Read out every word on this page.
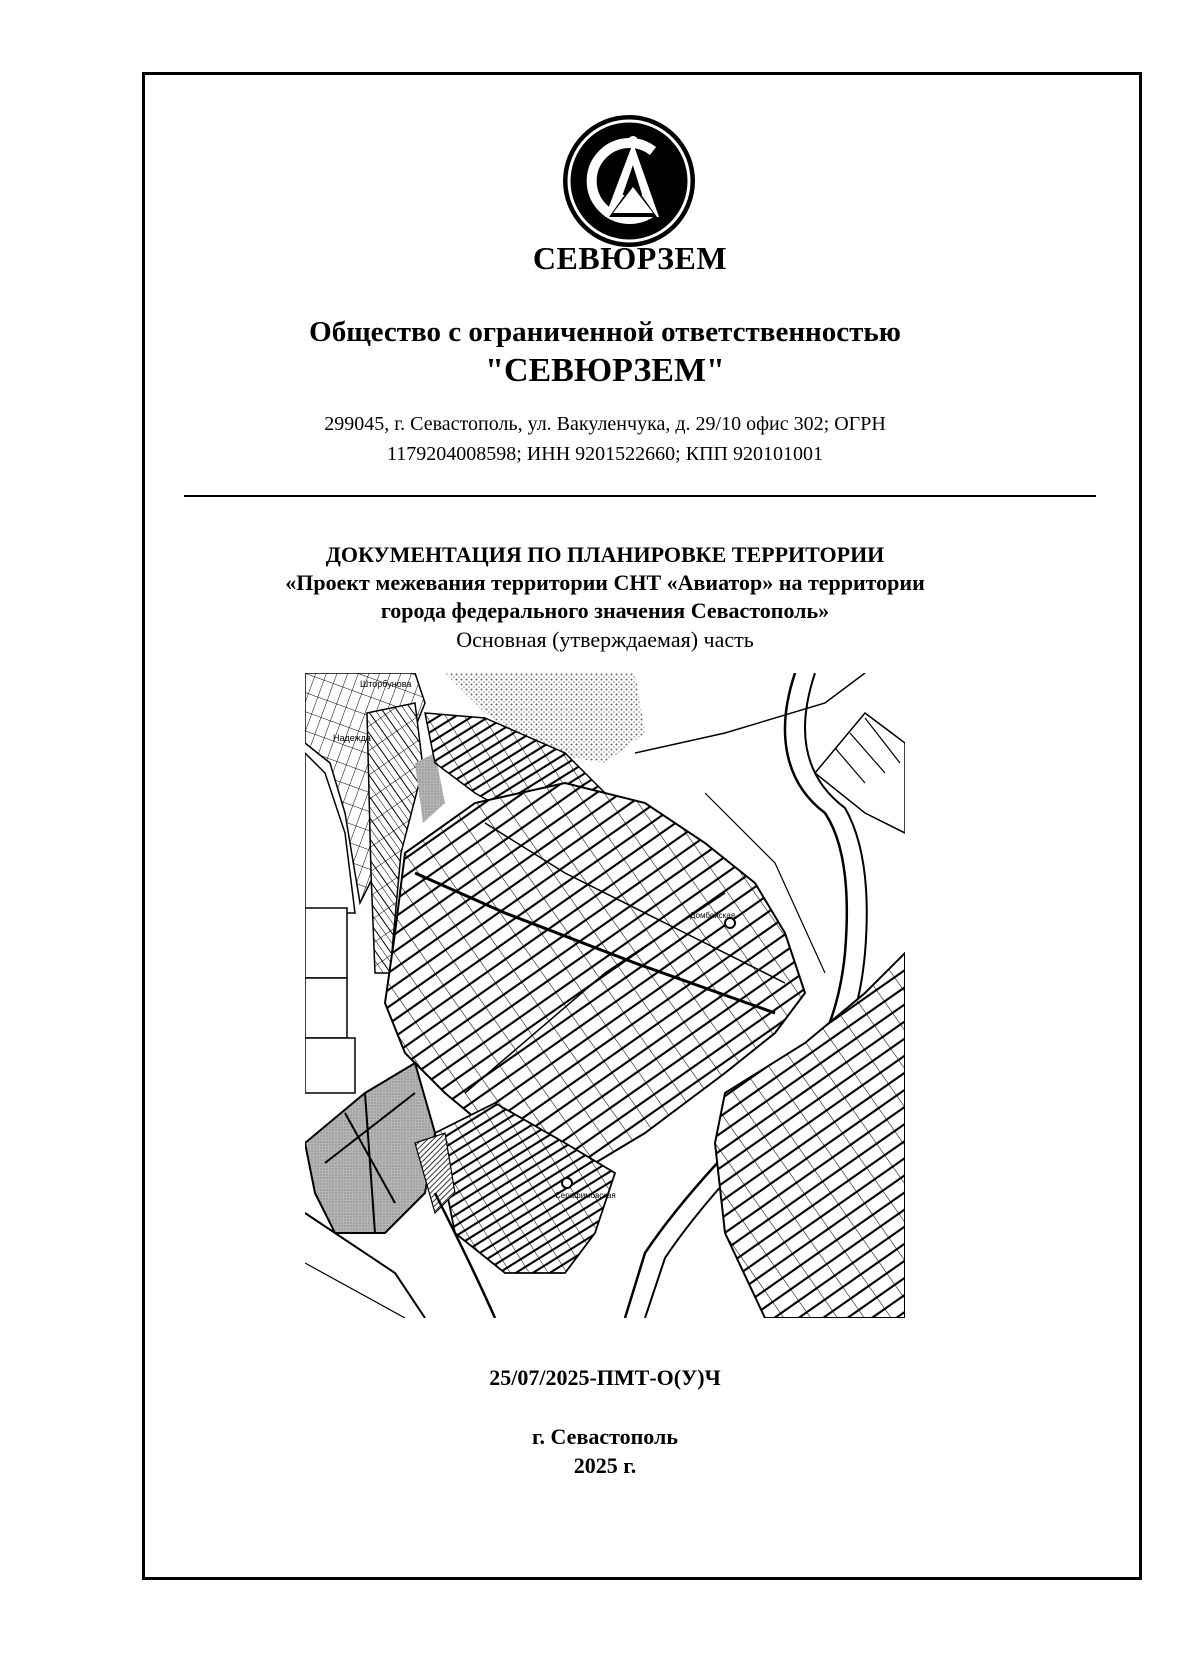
СЕВЮРЗЕМ
Общество с ограниченной ответственностью
"СЕВЮРЗЕМ"
299045, г. Севастополь, ул. Вакуленчука, д. 29/10 офис 302; ОГРН
1179204008598; ИНН 9201522660; КПП 920101001
ДОКУМЕНТАЦИЯ ПО ПЛАНИРОВКЕ ТЕРРИТОРИИ
«Проект межевания территории СНТ «Авиатор» на территории
города федерального значения Севастополь»
Основная (утверждаемая) часть
Шторбунова
Надежда
Домбайская
Серафимовская
25/07/2025-ПМТ-О(У)Ч
г. Севастополь
2025 г.
